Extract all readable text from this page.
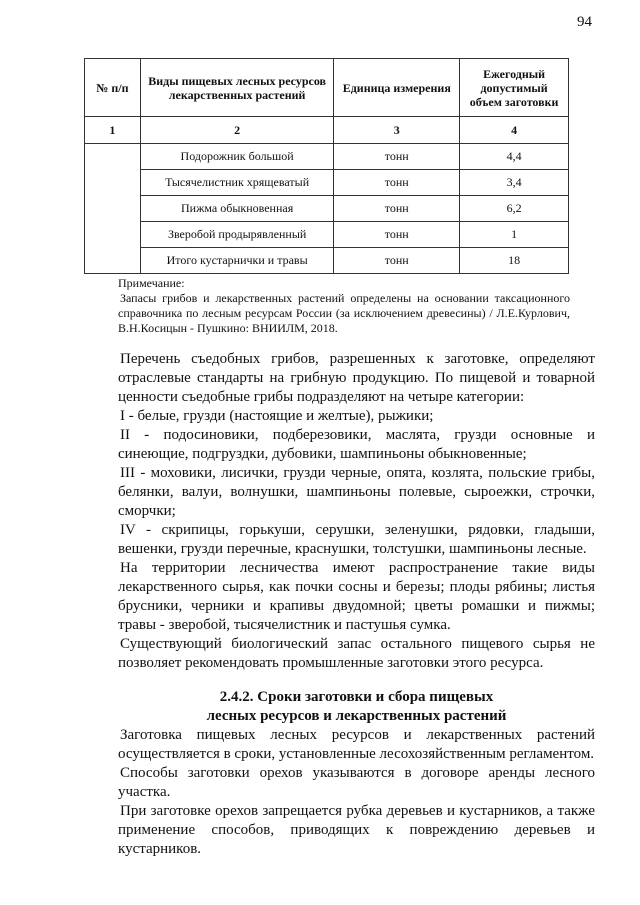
94
№ п/п	Виды пищевых лесных ресурсов лекарственных растений	Единица измерения	Ежегодный допустимый объем заготовки
1	2	3	4
	Подорожник большой	тонн	4,4
	Тысячелистник хрящеватый	тонн	3,4
	Пижма обыкновенная	тонн	6,2
	Зверобой продырявленный	тонн	1
	Итого кустарнички и травы	тонн	18
Примечание:
Запасы грибов и лекарственных растений определены на основании таксационного справочника по лесным ресурсам России (за исключением древесины) / Л.Е.Курлович, В.Н.Косицын - Пушкино: ВНИИЛМ, 2018.

Перечень съедобных грибов, разрешенных к заготовке, определяют отраслевые стандарты на грибную продукцию. По пищевой и товарной ценности съедобные грибы подразделяют на четыре категории:

I - белые, грузди (настоящие и желтые), рыжики;

II - подосиновики, подберезовики, маслята, грузди основные и синеющие, подгруздки, дубовики, шампиньоны обыкновенные;

III - моховики, лисички, грузди черные, опята, козлята, польские грибы, белянки, валуи, волнушки, шампиньоны полевые, сыроежки, строчки, сморчки;

IV - скрипицы, горькуши, серушки, зеленушки, рядовки, гладыши, вешенки, грузди перечные, краснушки, толстушки, шампиньоны лесные.

На территории лесничества имеют распространение такие виды лекарственного сырья, как почки сосны и березы; плоды рябины; листья брусники, черники и крапивы двудомной; цветы ромашки и пижмы; травы - зверобой, тысячелистник и пастушья сумка.

Существующий биологический запас остального пищевого сырья не позволяет рекомендовать промышленные заготовки этого ресурса.

2.4.2. Сроки заготовки и сбора пищевых
лесных ресурсов и лекарственных растений

Заготовка пищевых лесных ресурсов и лекарственных растений осуществляется в сроки, установленные лесохозяйственным регламентом.

Способы заготовки орехов указываются в договоре аренды лесного участка.

При заготовке орехов запрещается рубка деревьев и кустарников, а также применение способов, приводящих к повреждению деревьев и кустарников.
